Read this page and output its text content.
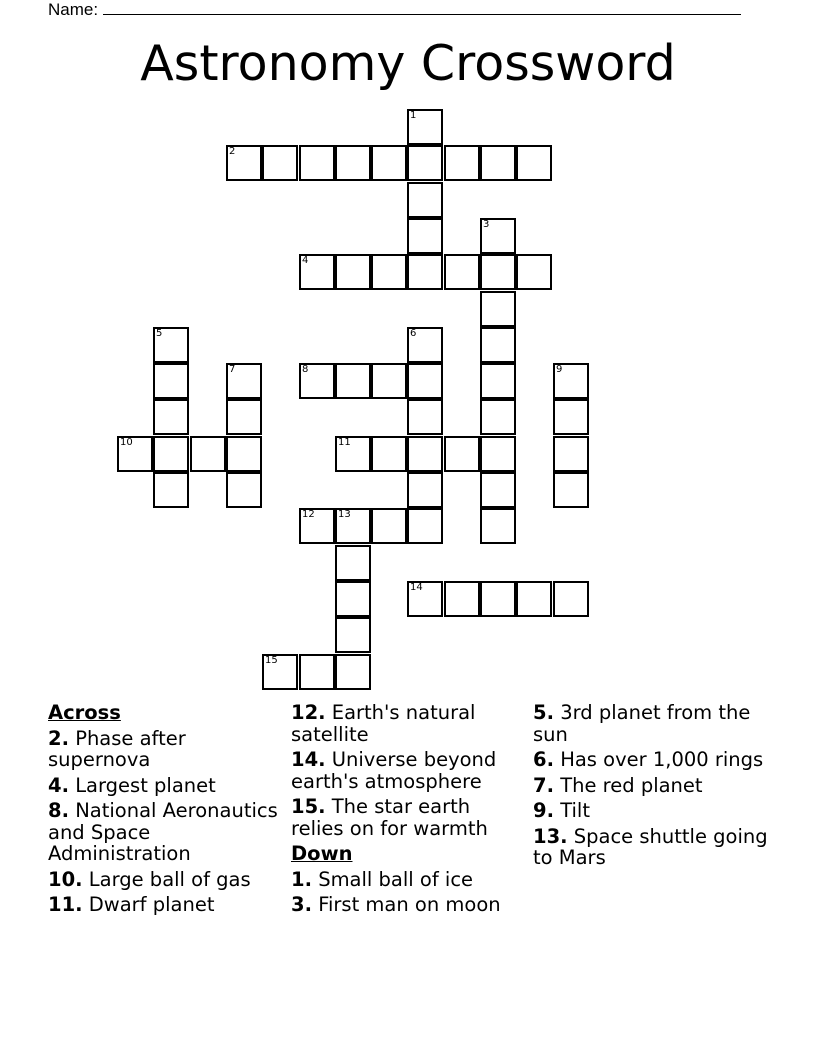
Name:
Astronomy Crossword
1
2
3
4
5	6
7	8	9
10	11
12 13
14
15
Across
2. Phase after supernova
4. Largest planet
8. National Aeronautics and Space Administration
10. Large ball of gas
11. Dwarf planet
12. Earth's natural satellite
14. Universe beyond earth's atmosphere
15. The star earth relies on for warmth
Down
1. Small ball of ice
3. First man on moon
5. 3rd planet from the sun
6. Has over 1,000 rings
7. The red planet
9. Tilt
13. Space shuttle going to Mars
